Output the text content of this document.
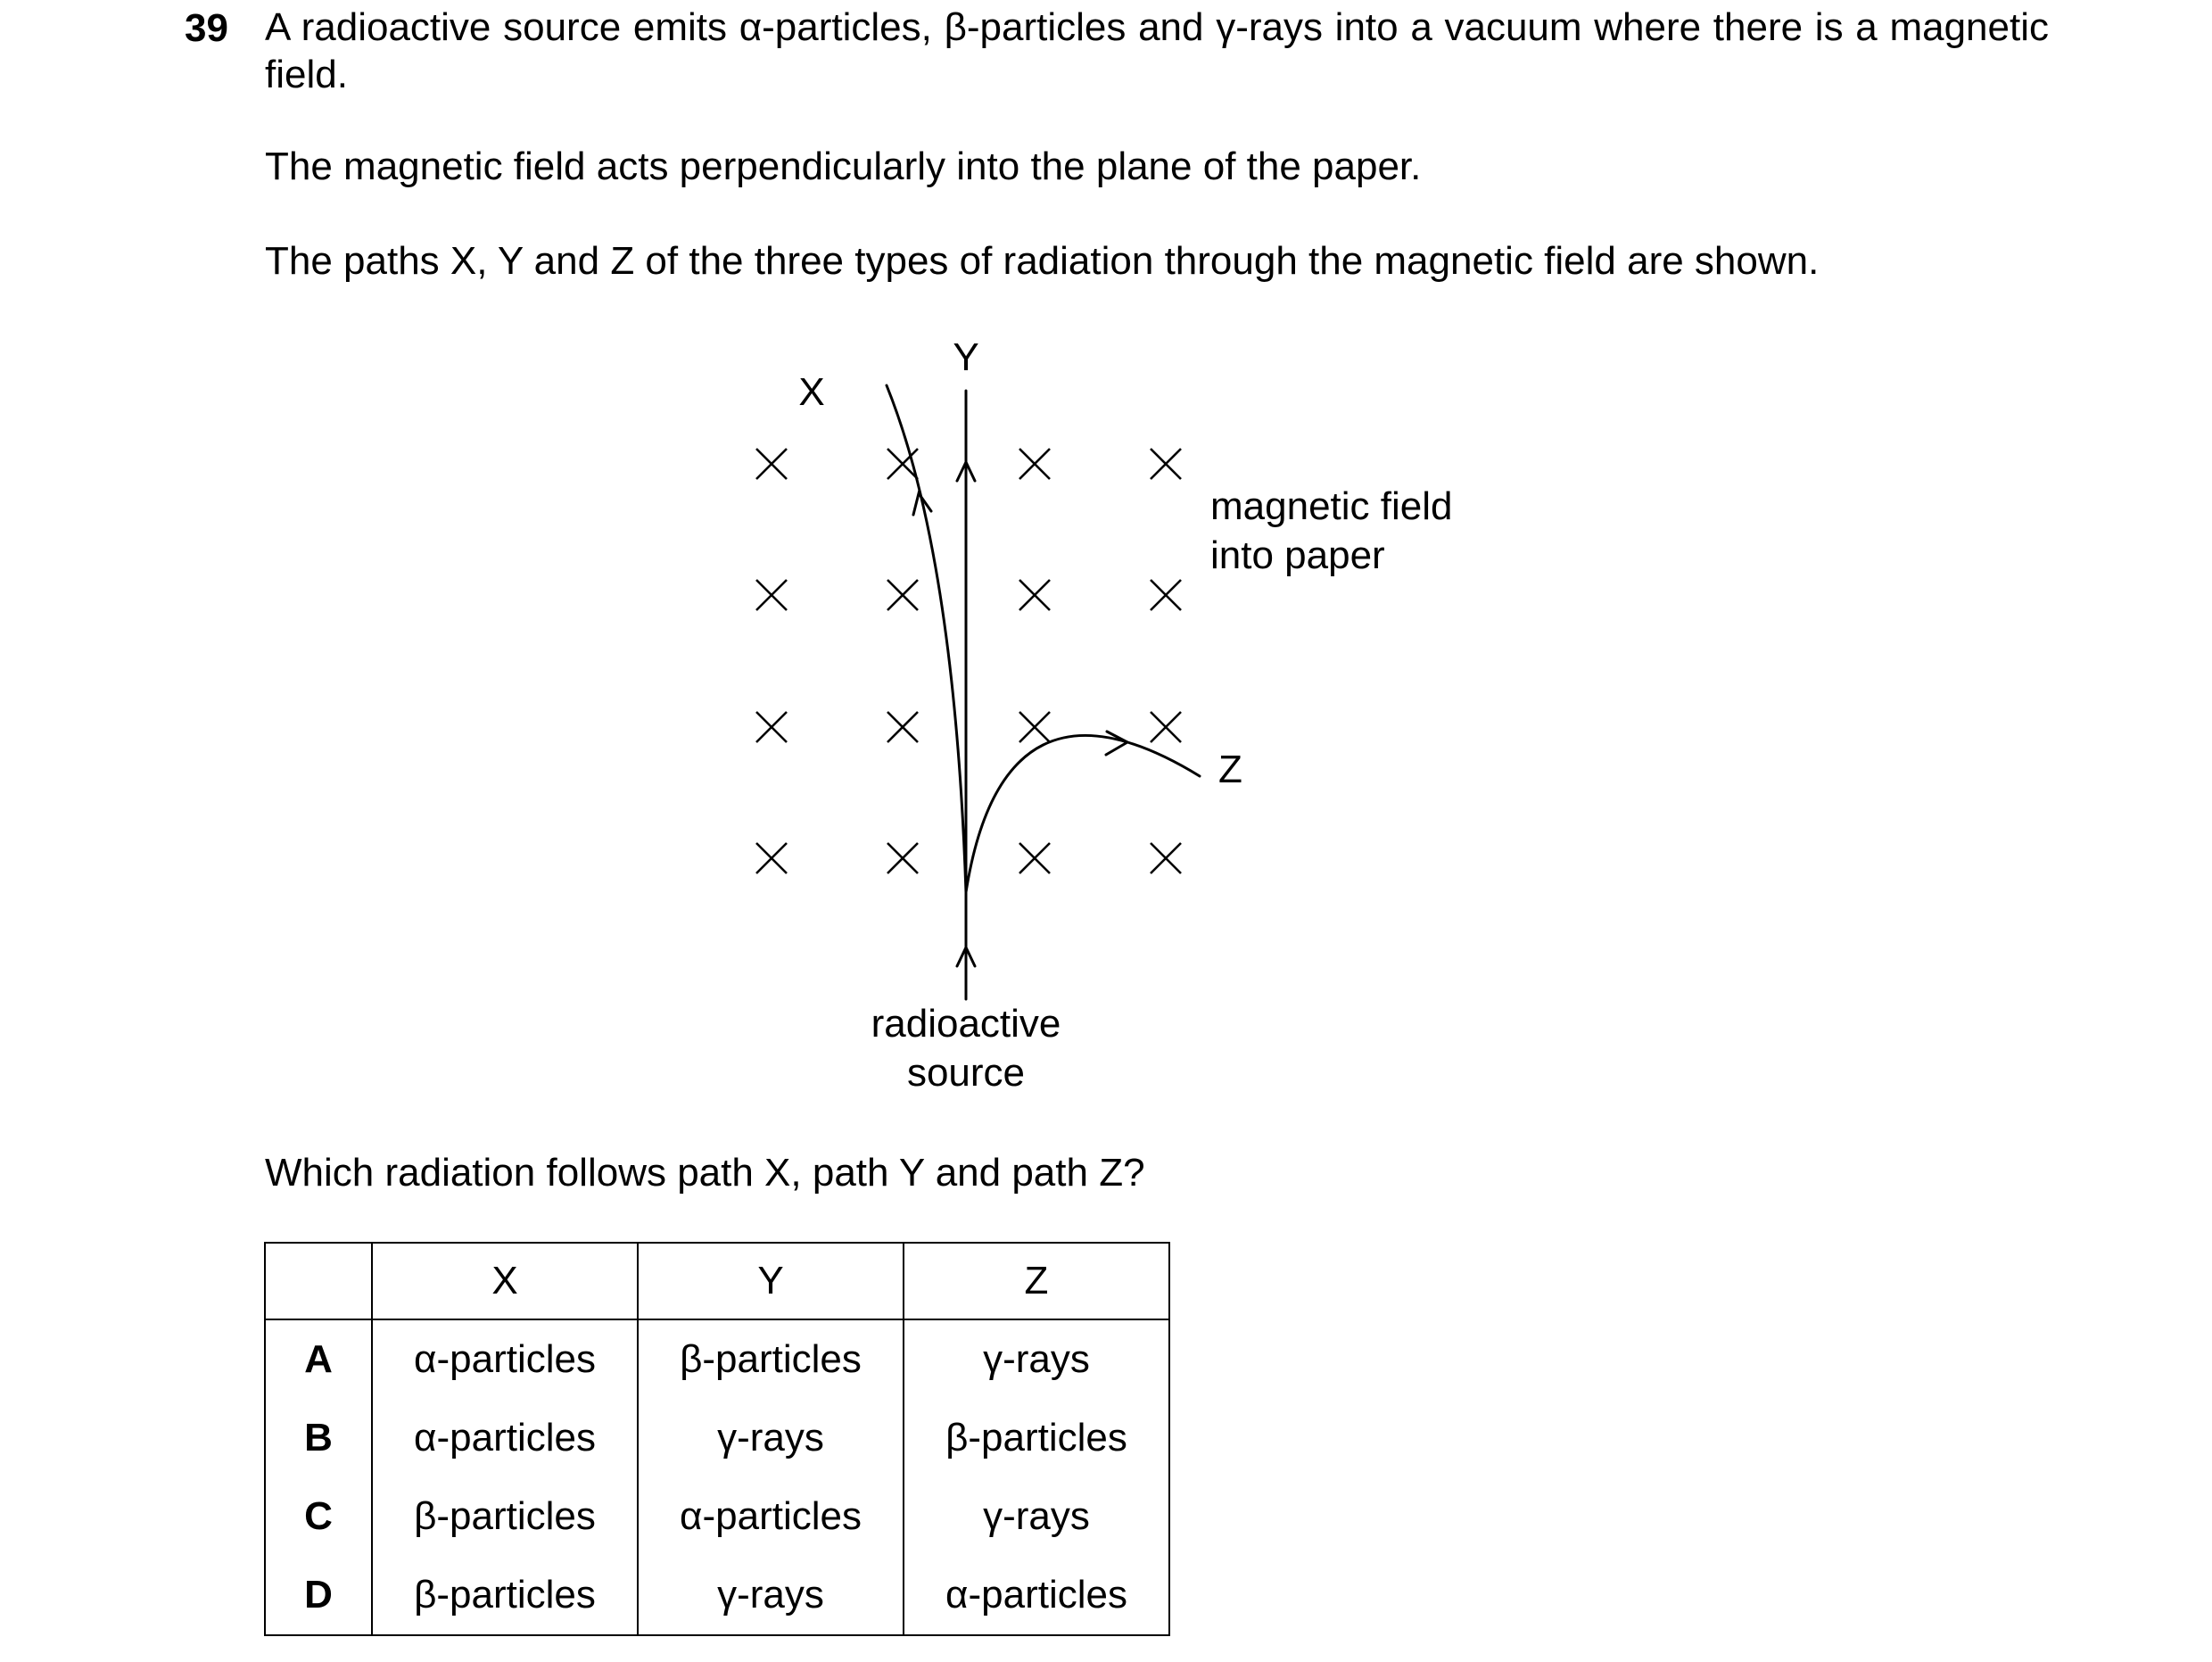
39 A radioactive source emits α-particles, β-particles and γ-rays into a vacuum where there is a magnetic field.
The magnetic field acts perpendicularly into the plane of the paper.
The paths X, Y and Z of the three types of radiation through the magnetic field are shown.
X
Y
Z
magnetic field
into paper
radioactive
source
Which radiation follows path X, path Y and path Z?
	X	Y	Z
A	α-particles	β-particles	γ-rays
B	α-particles	γ-rays	β-particles
C	β-particles	α-particles	γ-rays
D	β-particles	γ-rays	α-particles
